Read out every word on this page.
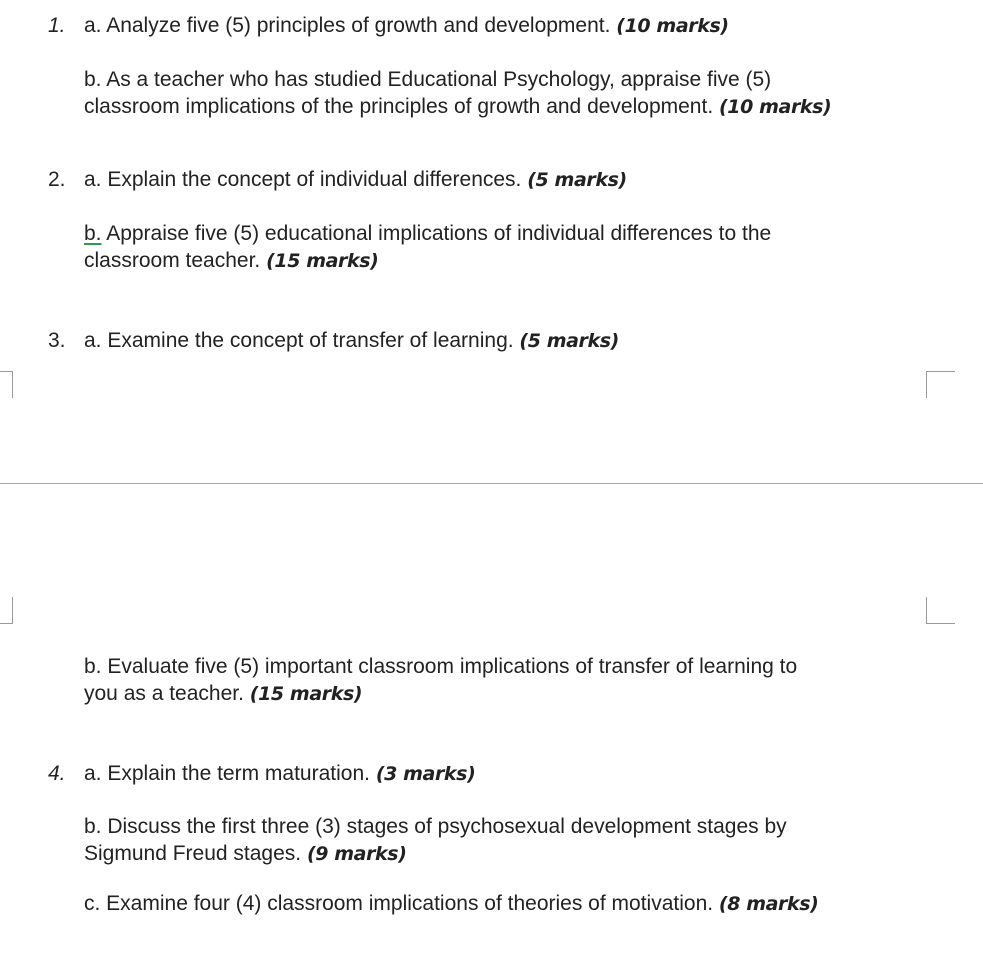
1. a. Analyze five (5) principles of growth and development. (10 marks)
b. As a teacher who has studied Educational Psychology, appraise five (5)
classroom implications of the principles of growth and development. (10 marks)
2. a. Explain the concept of individual differences. (5 marks)
b. Appraise five (5) educational implications of individual differences to the
classroom teacher. (15 marks)
3. a. Examine the concept of transfer of learning. (5 marks)
b. Evaluate five (5) important classroom implications of transfer of learning to
you as a teacher. (15 marks)
4. a. Explain the term maturation. (3 marks)
b. Discuss the first three (3) stages of psychosexual development stages by
Sigmund Freud stages. (9 marks)
c. Examine four (4) classroom implications of theories of motivation. (8 marks)
